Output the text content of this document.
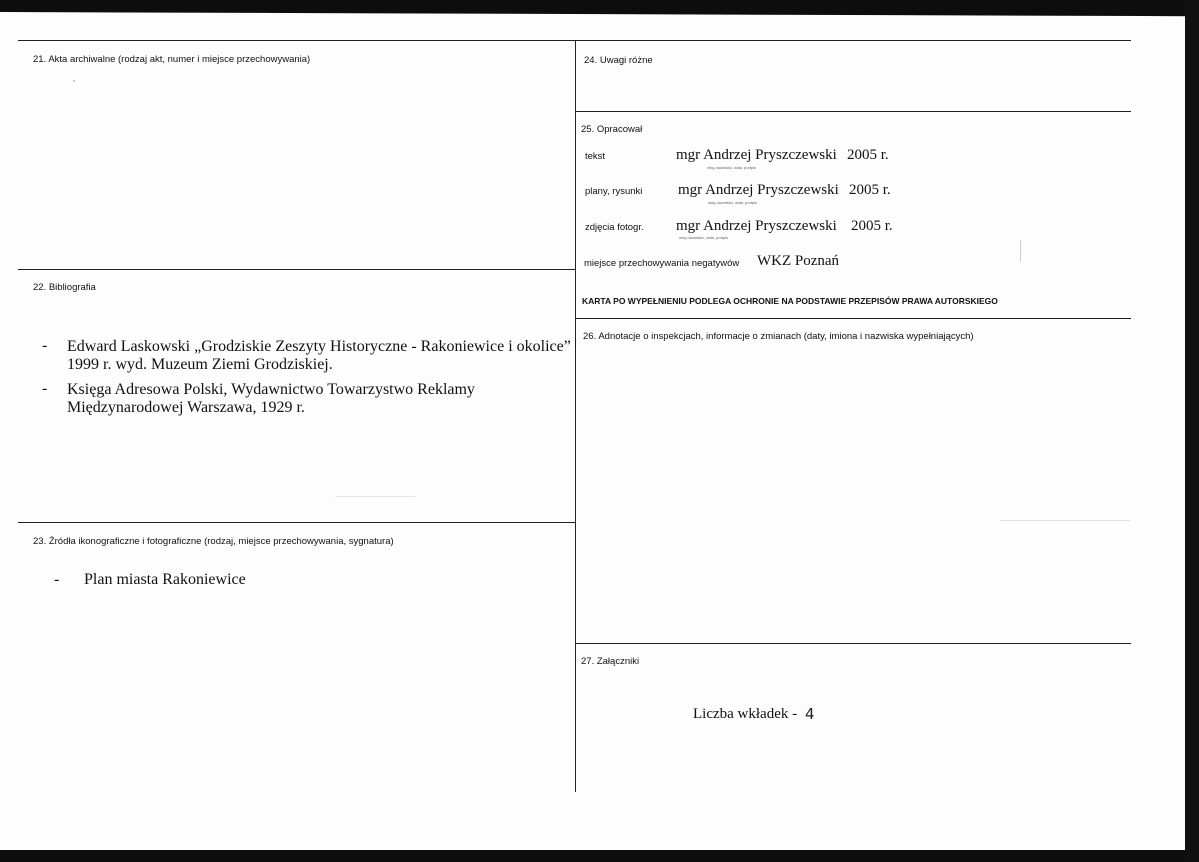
21. Akta archiwalne (rodzaj akt, numer i miejsce przechowywania)
22. Bibliografia
- Edward Laskowski „Grodziskie Zeszyty Historyczne - Rakoniewice i okolice”
1999 r. wyd. Muzeum Ziemi Grodziskiej.
- Księga Adresowa Polski, Wydawnictwo Towarzystwo Reklamy
Międzynarodowej Warszawa, 1929 r.
23. Źródła ikonograficzne i fotograficzne (rodzaj, miejsce przechowywania, sygnatura)
- Plan miasta Rakoniewice
24. Uwagi różne
25. Opracował
tekst	mgr Andrzej Pryszczewski 2005 r.
imię,nazwisko, data, podpis
plany, rysunki mgr Andrzej Pryszczewski 2005 r.
imię,nazwisko, data, podpis
zdjęcia fotogr. mgr Andrzej Pryszczewski 2005 r.
imię,nazwisko, data, podpis
miejsce przechowywania negatywów WKZ Poznań
KARTA PO WYPEŁNIENIU PODLEGA OCHRONIE NA PODSTAWIE PRZEPISÓW PRAWA AUTORSKIEGO
26. Adnotacje o inspekcjach, informacje o zmianach (daty, imiona i nazwiska wypełniających)
27. Załączniki
Liczba wkładek - 4
